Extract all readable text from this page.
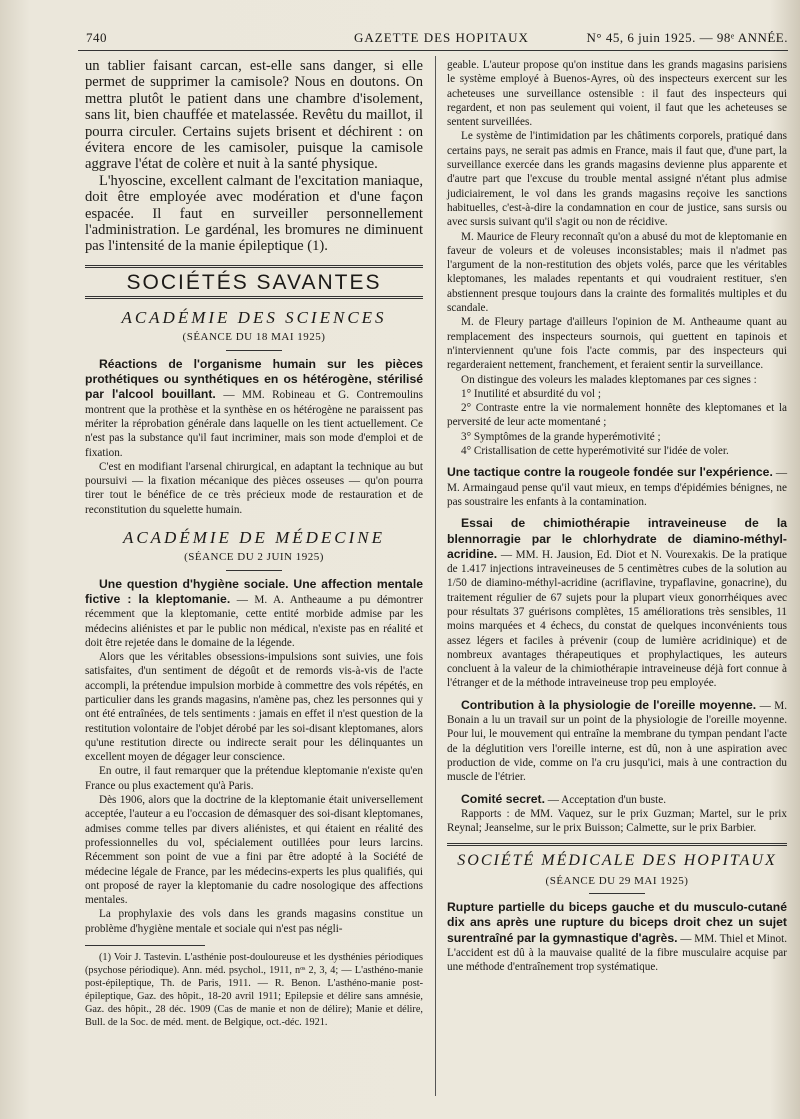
740	GAZETTE DES HOPITAUX	N° 45, 6 juin 1925. — 98ᵉ ANNÉE.

un tablier faisant carcan, est-elle sans danger, si elle permet de supprimer la camisole? Nous en doutons. On mettra plutôt le patient dans une chambre d'isolement, sans lit, bien chauffée et matelassée. Revêtu du maillot, il pourra circuler. Certains sujets brisent et déchirent : on évitera encore de les camisoler, puisque la camisole aggrave l'état de colère et nuit à la santé physique.

L'hyoscine, excellent calmant de l'excitation maniaque, doit être employée avec modération et d'une façon espacée. Il faut en surveiller personnellement l'administration. Le gardénal, les bromures ne diminuent pas l'intensité de la manie épileptique (1).

SOCIÉTÉS SAVANTES
ACADÉMIE DES SCIENCES
(SÉANCE DU 18 MAI 1925)

Réactions de l'organisme humain sur les pièces prothétiques ou synthétiques en os hétérogène, stérilisé par l'alcool bouillant. — MM. Robineau et G. Contremoulins montrent que la prothèse et la synthèse en os hétérogène ne paraissent pas mériter la réprobation générale dans laquelle on les tient actuellement. Ce n'est pas la substance qu'il faut incriminer, mais son mode d'emploi et de fixation.

C'est en modifiant l'arsenal chirurgical, en adaptant la technique au but poursuivi — la fixation mécanique des pièces osseuses — qu'on pourra tirer tout le bénéfice de ce très précieux mode de restauration et de reconstitution du squelette humain.

ACADÉMIE DE MÉDECINE
(SÉANCE DU 2 JUIN 1925)

Une question d'hygiène sociale. Une affection mentale fictive : la kleptomanie. — M. A. Antheaume a pu démontrer récemment que la kleptomanie, cette entité morbide admise par les médecins aliénistes et par le public non médical, n'existe pas en réalité et doit être rejetée dans le domaine de la légende.

Alors que les véritables obsessions-impulsions sont suivies, une fois satisfaites, d'un sentiment de dégoût et de remords vis-à-vis de l'acte accompli, la prétendue impulsion morbide à commettre des vols répétés, en particulier dans les grands magasins, n'amène pas, chez les personnes qui y ont été entraînées, de tels sentiments : jamais en effet il n'est question de la restitution volontaire de l'objet dérobé par les soi-disant kleptomanes, alors qu'une restitution directe ou indirecte serait pour les délinquantes un excellent moyen de dégager leur conscience.

En outre, il faut remarquer que la prétendue kleptomanie n'existe qu'en France ou plus exactement qu'à Paris.

Dès 1906, alors que la doctrine de la kleptomanie était universellement acceptée, l'auteur a eu l'occasion de démasquer des soi-disant kleptomanes, admises comme telles par divers aliénistes, et qui étaient en réalité des professionnelles du vol, spécialement outillées pour leurs larcins. Récemment son point de vue a fini par être adopté à la Société de médecine légale de France, par les médecins-experts les plus qualifiés, qui ont proposé de rayer la kleptomanie du cadre nosologique des affections mentales.

La prophylaxie des vols dans les grands magasins constitue un problème d'hygiène mentale et sociale qui n'est pas négli-

(1) Voir J. Tastevin. L'asthénie post-douloureuse et les dysthénies périodiques (psychose périodique). Ann. méd. psychol., 1911, nᵒˢ 2, 3, 4; — L'asthéno-manie post-épileptique, Th. de Paris, 1911. — R. Benon. L'asthéno-manie post-épileptique, Gaz. des hôpit., 18-20 avril 1911; Epilepsie et délire sans amnésie, Gaz. des hôpit., 28 déc. 1909 (Cas de manie et non de délire); Manie et délire, Bull. de la Soc. de méd. ment. de Belgique, oct.-déc. 1921.

geable. L'auteur propose qu'on institue dans les grands magasins parisiens le système employé à Buenos-Ayres, où des inspecteurs exercent sur les acheteuses une surveillance ostensible : il faut des inspecteurs qui regardent, et non pas seulement qui voient, il faut que les acheteuses se sentent surveillées.

Le système de l'intimidation par les châtiments corporels, pratiqué dans certains pays, ne serait pas admis en France, mais il faut que, d'une part, la surveillance exercée dans les grands magasins devienne plus apparente et d'autre part que l'excuse du trouble mental assigné n'étant plus admise judiciairement, le vol dans les grands magasins reçoive les sanctions habituelles, c'est-à-dire la condamnation en cour de justice, sans sursis ou avec sursis suivant qu'il s'agit ou non de récidive.

M. Maurice de Fleury reconnaît qu'on a abusé du mot de kleptomanie en faveur de voleurs et de voleuses inconsistables; mais il n'admet pas l'argument de la non-restitution des objets volés, parce que les véritables kleptomanes, les malades repentants et qui voudraient restituer, s'en abstiennent presque toujours dans la crainte des formalités multiples et du scandale.

M. de Fleury partage d'ailleurs l'opinion de M. Antheaume quant au remplacement des inspecteurs sournois, qui guettent en tapinois et n'interviennent qu'une fois l'acte commis, par des inspecteurs qui regarderaient nettement, franchement, et feraient sentir la surveillance.

On distingue des voleurs les malades kleptomanes par ces signes :

1° Inutilité et absurdité du vol ;

2° Contraste entre la vie normalement honnête des kleptomanes et la perversité de leur acte momentané ;

3° Symptômes de la grande hyperémotivité ;

4° Cristallisation de cette hyperémotivité sur l'idée de voler.

Une tactique contre la rougeole fondée sur l'expérience. — M. Armaingaud pense qu'il vaut mieux, en temps d'épidémies bénignes, ne pas soustraire les enfants à la contamination.

Essai de chimiothérapie intraveineuse de la blennorragie par le chlorhydrate de diamino-méthyl-acridine. — MM. H. Jausion, Ed. Diot et N. Vourexakis. De la pratique de 1.417 injections intraveineuses de 5 centimètres cubes de la solution au 1/50 de diamino-méthyl-acridine (acriflavine, trypaflavine, gonacrine), du traitement régulier de 67 sujets pour la plupart vieux gonorrhéiques avec pour résultats 37 guérisons complètes, 15 améliorations très sensibles, 11 moins marquées et 4 échecs, du constat de quelques inconvénients tous assez légers et faciles à prévenir (coup de lumière acridinique) et de nombreux avantages thérapeutiques et prophylactiques, les auteurs concluent à la valeur de la chimiothérapie intraveineuse déjà fort connue à l'étranger et de la méthode intraveineuse trop peu employée.

Contribution à la physiologie de l'oreille moyenne. — M. Bonain a lu un travail sur un point de la physiologie de l'oreille moyenne. Pour lui, le mouvement qui entraîne la membrane du tympan pendant l'acte de la déglutition vers l'oreille interne, est dû, non à une aspiration avec production de vide, comme on l'a cru jusqu'ici, mais à une contraction du muscle de l'étrier.

Comité secret. — Acceptation d'un buste.

Rapports : de MM. Vaquez, sur le prix Guzman; Martel, sur le prix Reynal; Jeanselme, sur le prix Buisson; Calmette, sur le prix Barbier.

SOCIÉTÉ MÉDICALE DES HOPITAUX
(SÉANCE DU 29 MAI 1925)

Rupture partielle du biceps gauche et du musculo-cutané dix ans après une rupture du biceps droit chez un sujet surentraîné par la gymnastique d'agrès. — MM. Thiel et Minot. L'accident est dû à la mauvaise qualité de la fibre musculaire acquise par une méthode d'entraînement trop systématique.
